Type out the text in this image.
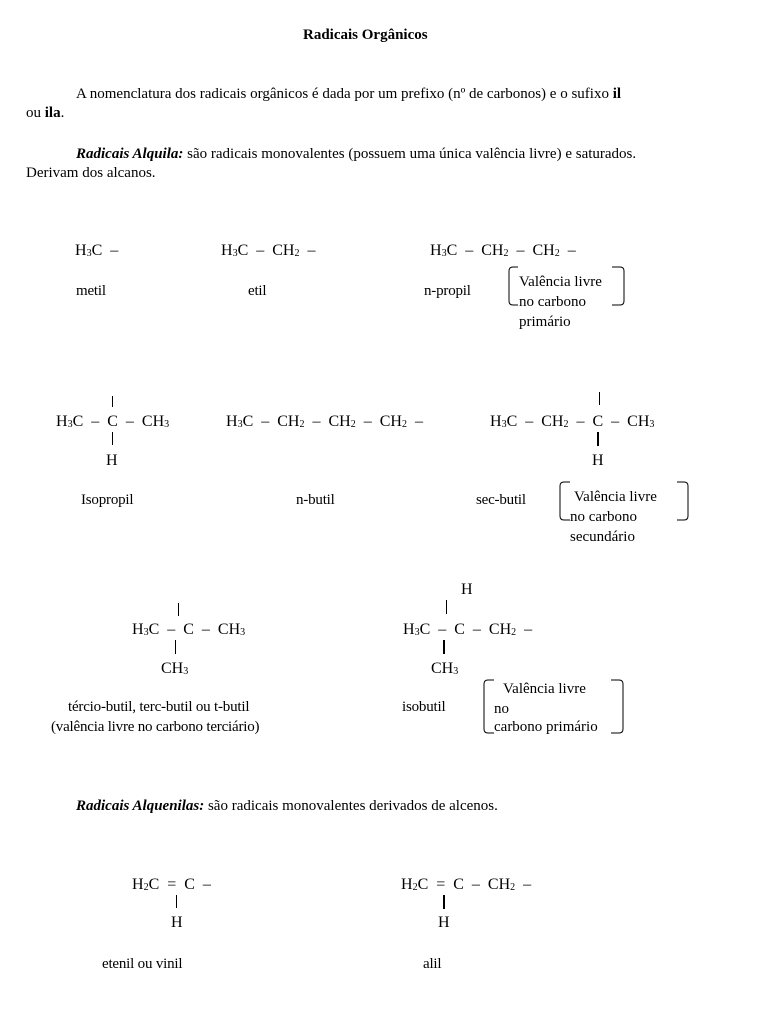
Radicais Orgânicos
A nomenclatura dos radicais orgânicos é dada por um prefixo (nº de carbonos) e o sufixo il
ou ila.
Radicais Alquila: são radicais monovalentes (possuem uma única valência livre) e saturados.
Derivam dos alcanos.
$H_3C$  –	$H_3C - CH_2$  –	$H_3C - CH_2 - CH_2$  –
metil	etil	n-propil
Valência livre
no carbono
primário
$H_3C$  –  C  –  $CH_3$
H
$H_3C - CH_2 - CH_2 - CH_2$  –	$H_3C - CH_2$  –  C  –  $CH_3$
H
Isopropil	n-butil	sec-butil	Valência livre
no carbono
secundário
$H_3C$  –  C  –  $CH_3$
$CH_3$
H
$H_3C$  –  C  –  $CH_2$  –
$CH_3$
tércio-butil, terc-butil ou t-butil
(valência livre no carbono terciário)
isobutil
Valência livre
no
carbono primário
Radicais Alquenilas: são radicais monovalentes derivados de alcenos.
$H_2C = C$  –
H
$H_2C = C - CH_2$  –
H
etenil ou vinil	alil
